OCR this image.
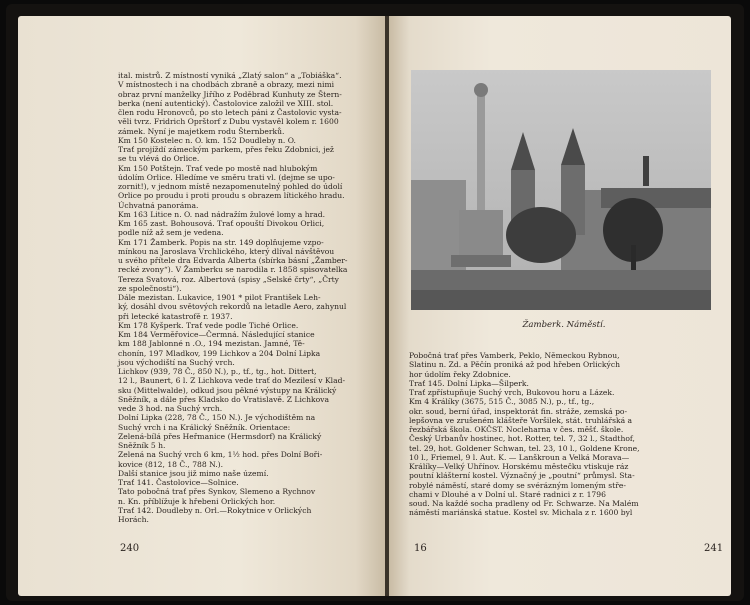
ital. mistrů. Z místností vyniká „Zlatý salon“ a „Tobiáška“.

V místnostech i na chodbách zbraně a obrazy, mezi nimi

obraz první manželky Jiřího z Poděbrad Kunhuty ze Štern-

berka (není autentický). Častolovice založil ve XIII. stol.

člen rodu Hronovců, po sto letech páni z Častolovic vysta-

věli tvrz. Fridrich Oprštorf z Dubu vystavěl kolem r. 1600

zámek. Nyní je majetkem rodu Šternberků.

Km 150 Kostelec n. O. km. 152 Doudleby n. O.

Trať projíždí zámeckým parkem, přes řeku Zdobnici, jež

se tu vlévá do Orlice.

Km 150 Potštejn. Trať vede po mostě nad hlubokým

údolím Orlice. Hledíme ve směru trati vl. (dejme se upo-

zornit!), v jednom místě nezapomenutelný pohled do údolí

Orlice po proudu i proti proudu s obrazem lítického hradu.

Úchvatná panoráma.

Km 163 Litice n. O. nad nádražím žulové lomy a hrad.

Km 165 zast. Bohousová. Trať opouští Divokou Orlici,

podle níž až sem je vedena.

Km 171 Žamberk. Popis na str. 149 doplňujeme vzpo-

mínkou na Jaroslava Vrchlického, který dlíval návštěvou

u svého přítele dra Edvarda Alberta (sbírka básní „Žamber-

recké zvony“). V Žamberku se narodila r. 1858 spisovatelka

Tereza Svatová, roz. Albertová (spisy „Selské črty“, „Črty

ze společnosti“).

Dále mezistan. Lukavice, 1901 * pilot František Leh-

ký, dosáhl dvou světových rekordů na letadle Aero, zahynul

při letecké katastrofě r. 1937.

Km 178 Kyšperk. Trať vede podle Tiché Orlice.

Km 184 Verměřovice—Čermná. Následující stanice

km 188 Jablonné n .O., 194 mezistan. Jamné, Tě-

chonín, 197 Mladkov, 199 Lichkov a 204 Dolní Lipka

jsou východiští na Suchý vrch.

Lichkov (939, 78 Č., 850 N.), p., tf., tg., hot. Dittert,

12 l., Baunert, 6 l. Z Lichkova vede trať do Mezilesí v Klad-

sku (Mittelwalde), odkud jsou pěkné výstupy na Králický

Sněžník, a dále přes Kladsko do Vratislavě. Z Lichkova

vede 3 hod. na Suchý vrch.

Dolní Lipka (228, 78 Č., 150 N.). Je východištěm na

Suchý vrch i na Králický Sněžník. Orientace:

Zelená-bílá přes Heřmanice (Hermsdorf) na Králický

Sněžník 5 h.

Zelená na Suchý vrch 6 km, 1½ hod. přes Dolní Boři-

kovice (812, 18 Č., 788 N.).

Další stanice jsou již mimo naše území.

Trať 141. Častolovice—Solnice.

Tato pobočná trať přes Synkov, Slemeno a Rychnov

n. Kn. příblížuje k hřebeni Orlických hor.

Trať 142. Doudleby n. Orl.—Rokytnice v Orlických

Horách.

240
Žamberk. Náměstí.

Pobočná trať přes Vamberk, Peklo, Německou Rybnou,

Slatinu n. Zd. a Pěčín proniká až pod hřeben Orlických

hor údolím řeky Zdobnice.

Trať 145. Dolní Lipka—Šilperk.

Trať zpřístupňuje Suchý vrch, Bukovou horu a Lázek.

Km 4 Králíky (3675, 515 Č., 3085 N.), p., tf., tg.,

okr. soud, berní úřad, inspektorát fin. stráže, zemská po-

lepšovna ve zrušeném klášteře Voršilek, stát. truhlářská a

řezbářská škola. OKČST. Nocleharna v čes. měšť. škole.

Český Urbanův hostinec, hot. Rotter, tel. 7, 32 l., Stadthof,

tel. 29, hot. Goldener Schwan, tel. 23, 10 l., Goldene Krone,

10 l., Friemel, 9 l. Aut. K. — Lanškroun a Velká Morava—

Králíky—Velký Uhřínov. Horskému městečku vtiskuje ráz

poutní klášterní kostel. Význačný je „poutní“ průmysl. Sta-

robylé náměstí, staré domy se svérázným lomeným stře-

chami v Dlouhé a v Dolní ul. Staré radnici z r. 1796

soud. Na každé socha pradleny od Fr. Schwarze. Na Malém

náměstí mariánská statue. Kostel sv. Michala z r. 1600 byl

16	241
